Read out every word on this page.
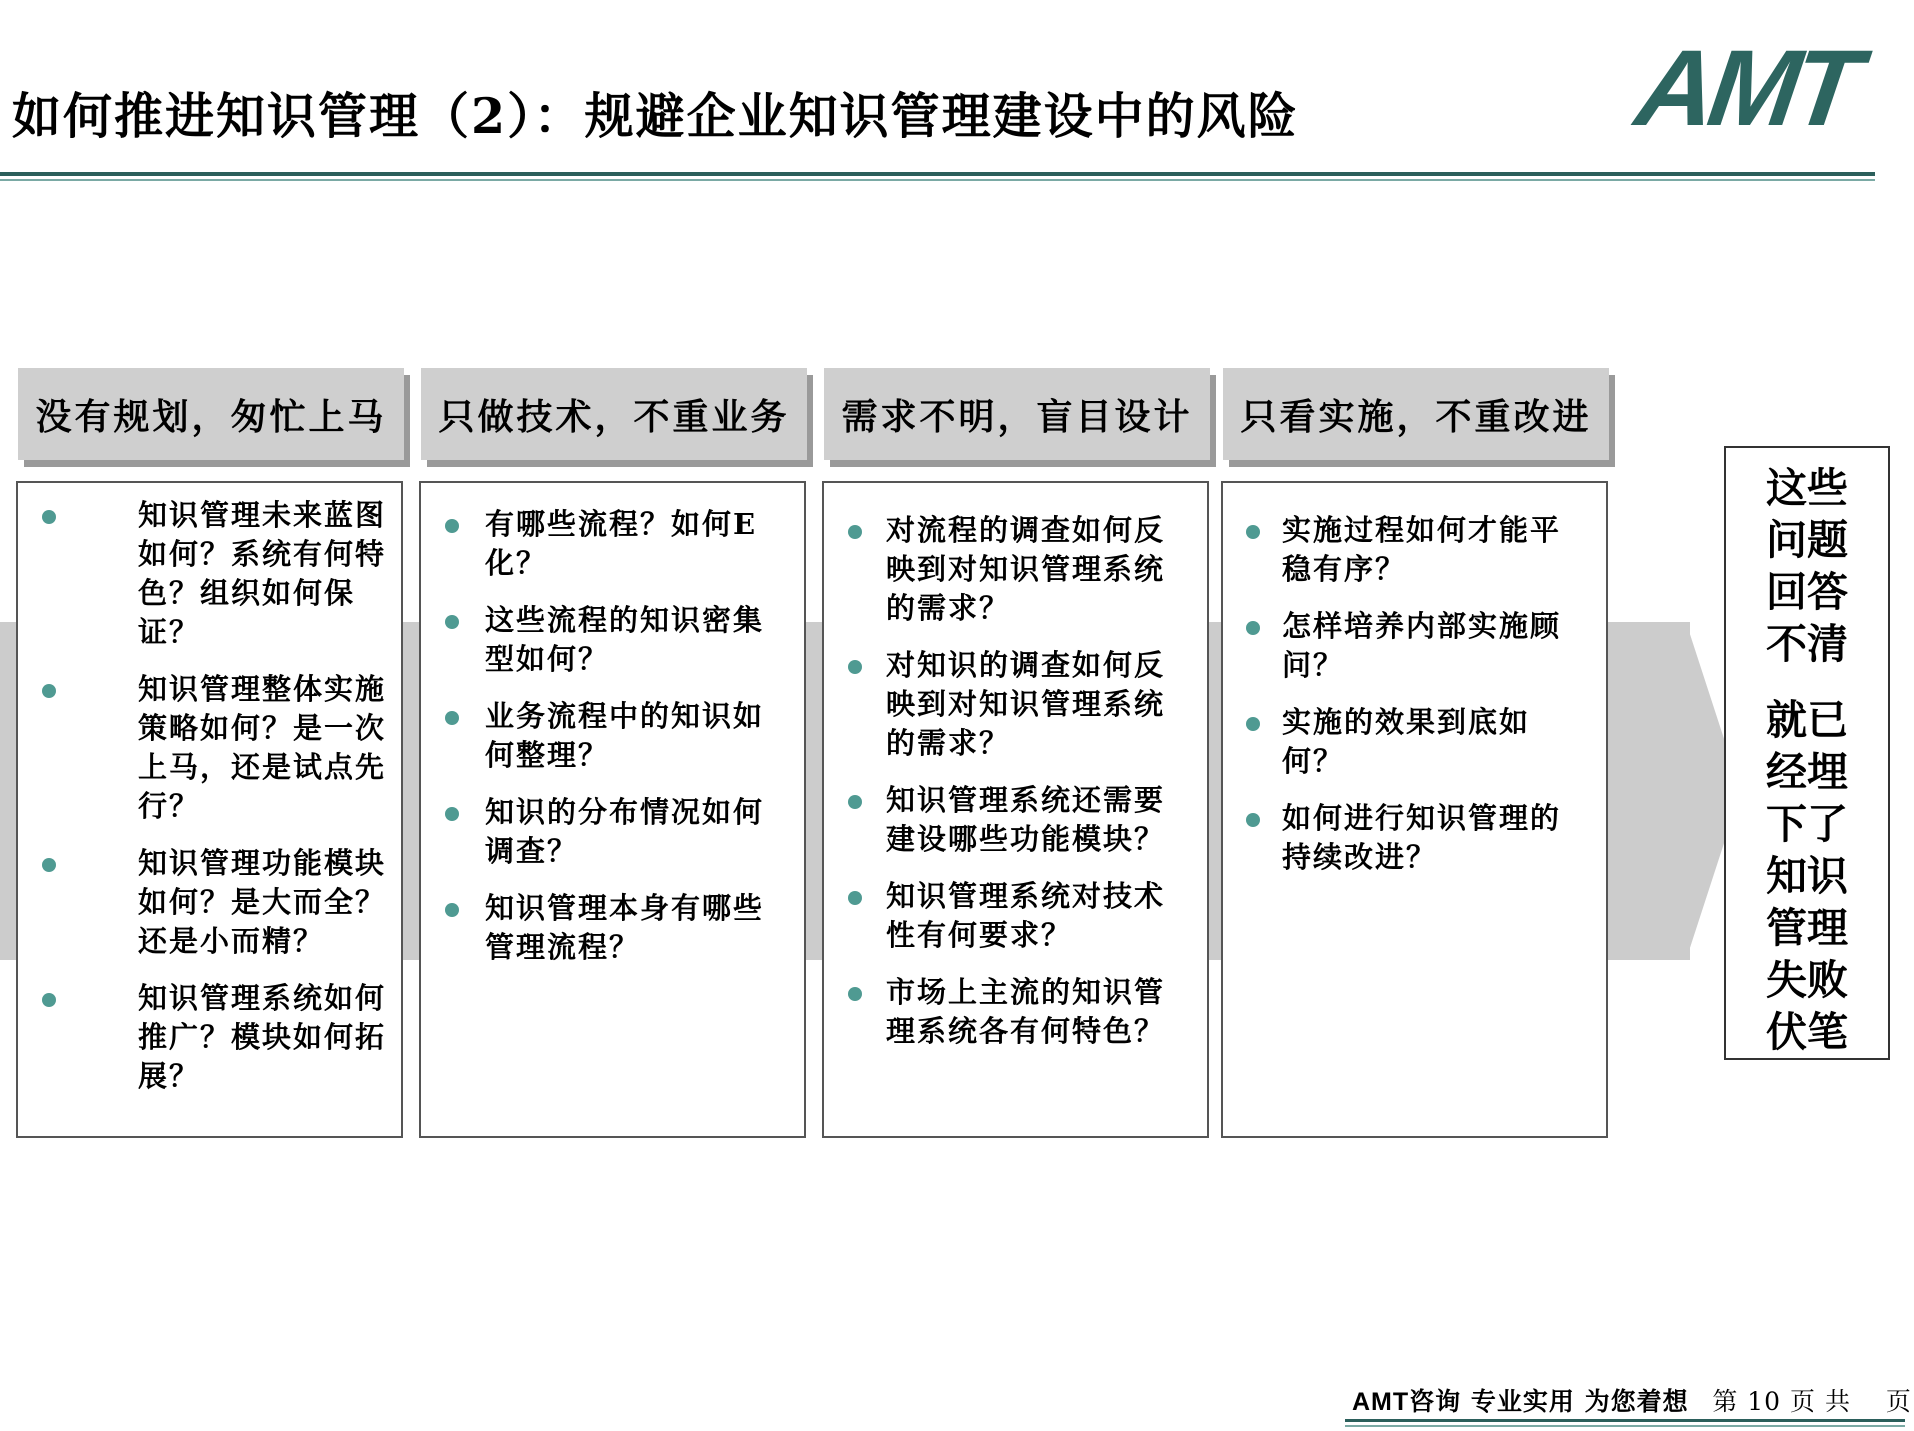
如何推进知识管理（2）：规避企业知识管理建设中的风险	AMT
没有规划，匆忙上马
知识管理未来蓝图如何？系统有何特色？组织如何保证？
知识管理整体实施策略如何？是一次上马，还是试点先行？
知识管理功能模块如何？是大而全？还是小而精？
知识管理系统如何推广？模块如何拓展？
只做技术，不重业务
有哪些流程？如何E化？
这些流程的知识密集型如何？
业务流程中的知识如何整理？
知识的分布情况如何调查？
知识管理本身有哪些管理流程？
需求不明，盲目设计
对流程的调查如何反映到对知识管理系统的需求？
对知识的调查如何反映到对知识管理系统的需求？
知识管理系统还需要建设哪些功能模块？
知识管理系统对技术性有何要求？
市场上主流的知识管理系统各有何特色？
只看实施，不重改进
实施过程如何才能平稳有序？
怎样培养内部实施顾问？
实施的效果到底如何？
如何进行知识管理的持续改进？
这些问题回答不清
就已经埋下了知识管理失败伏笔
AMT咨询 专业实用 为您着想 第 10 页 共　 页
